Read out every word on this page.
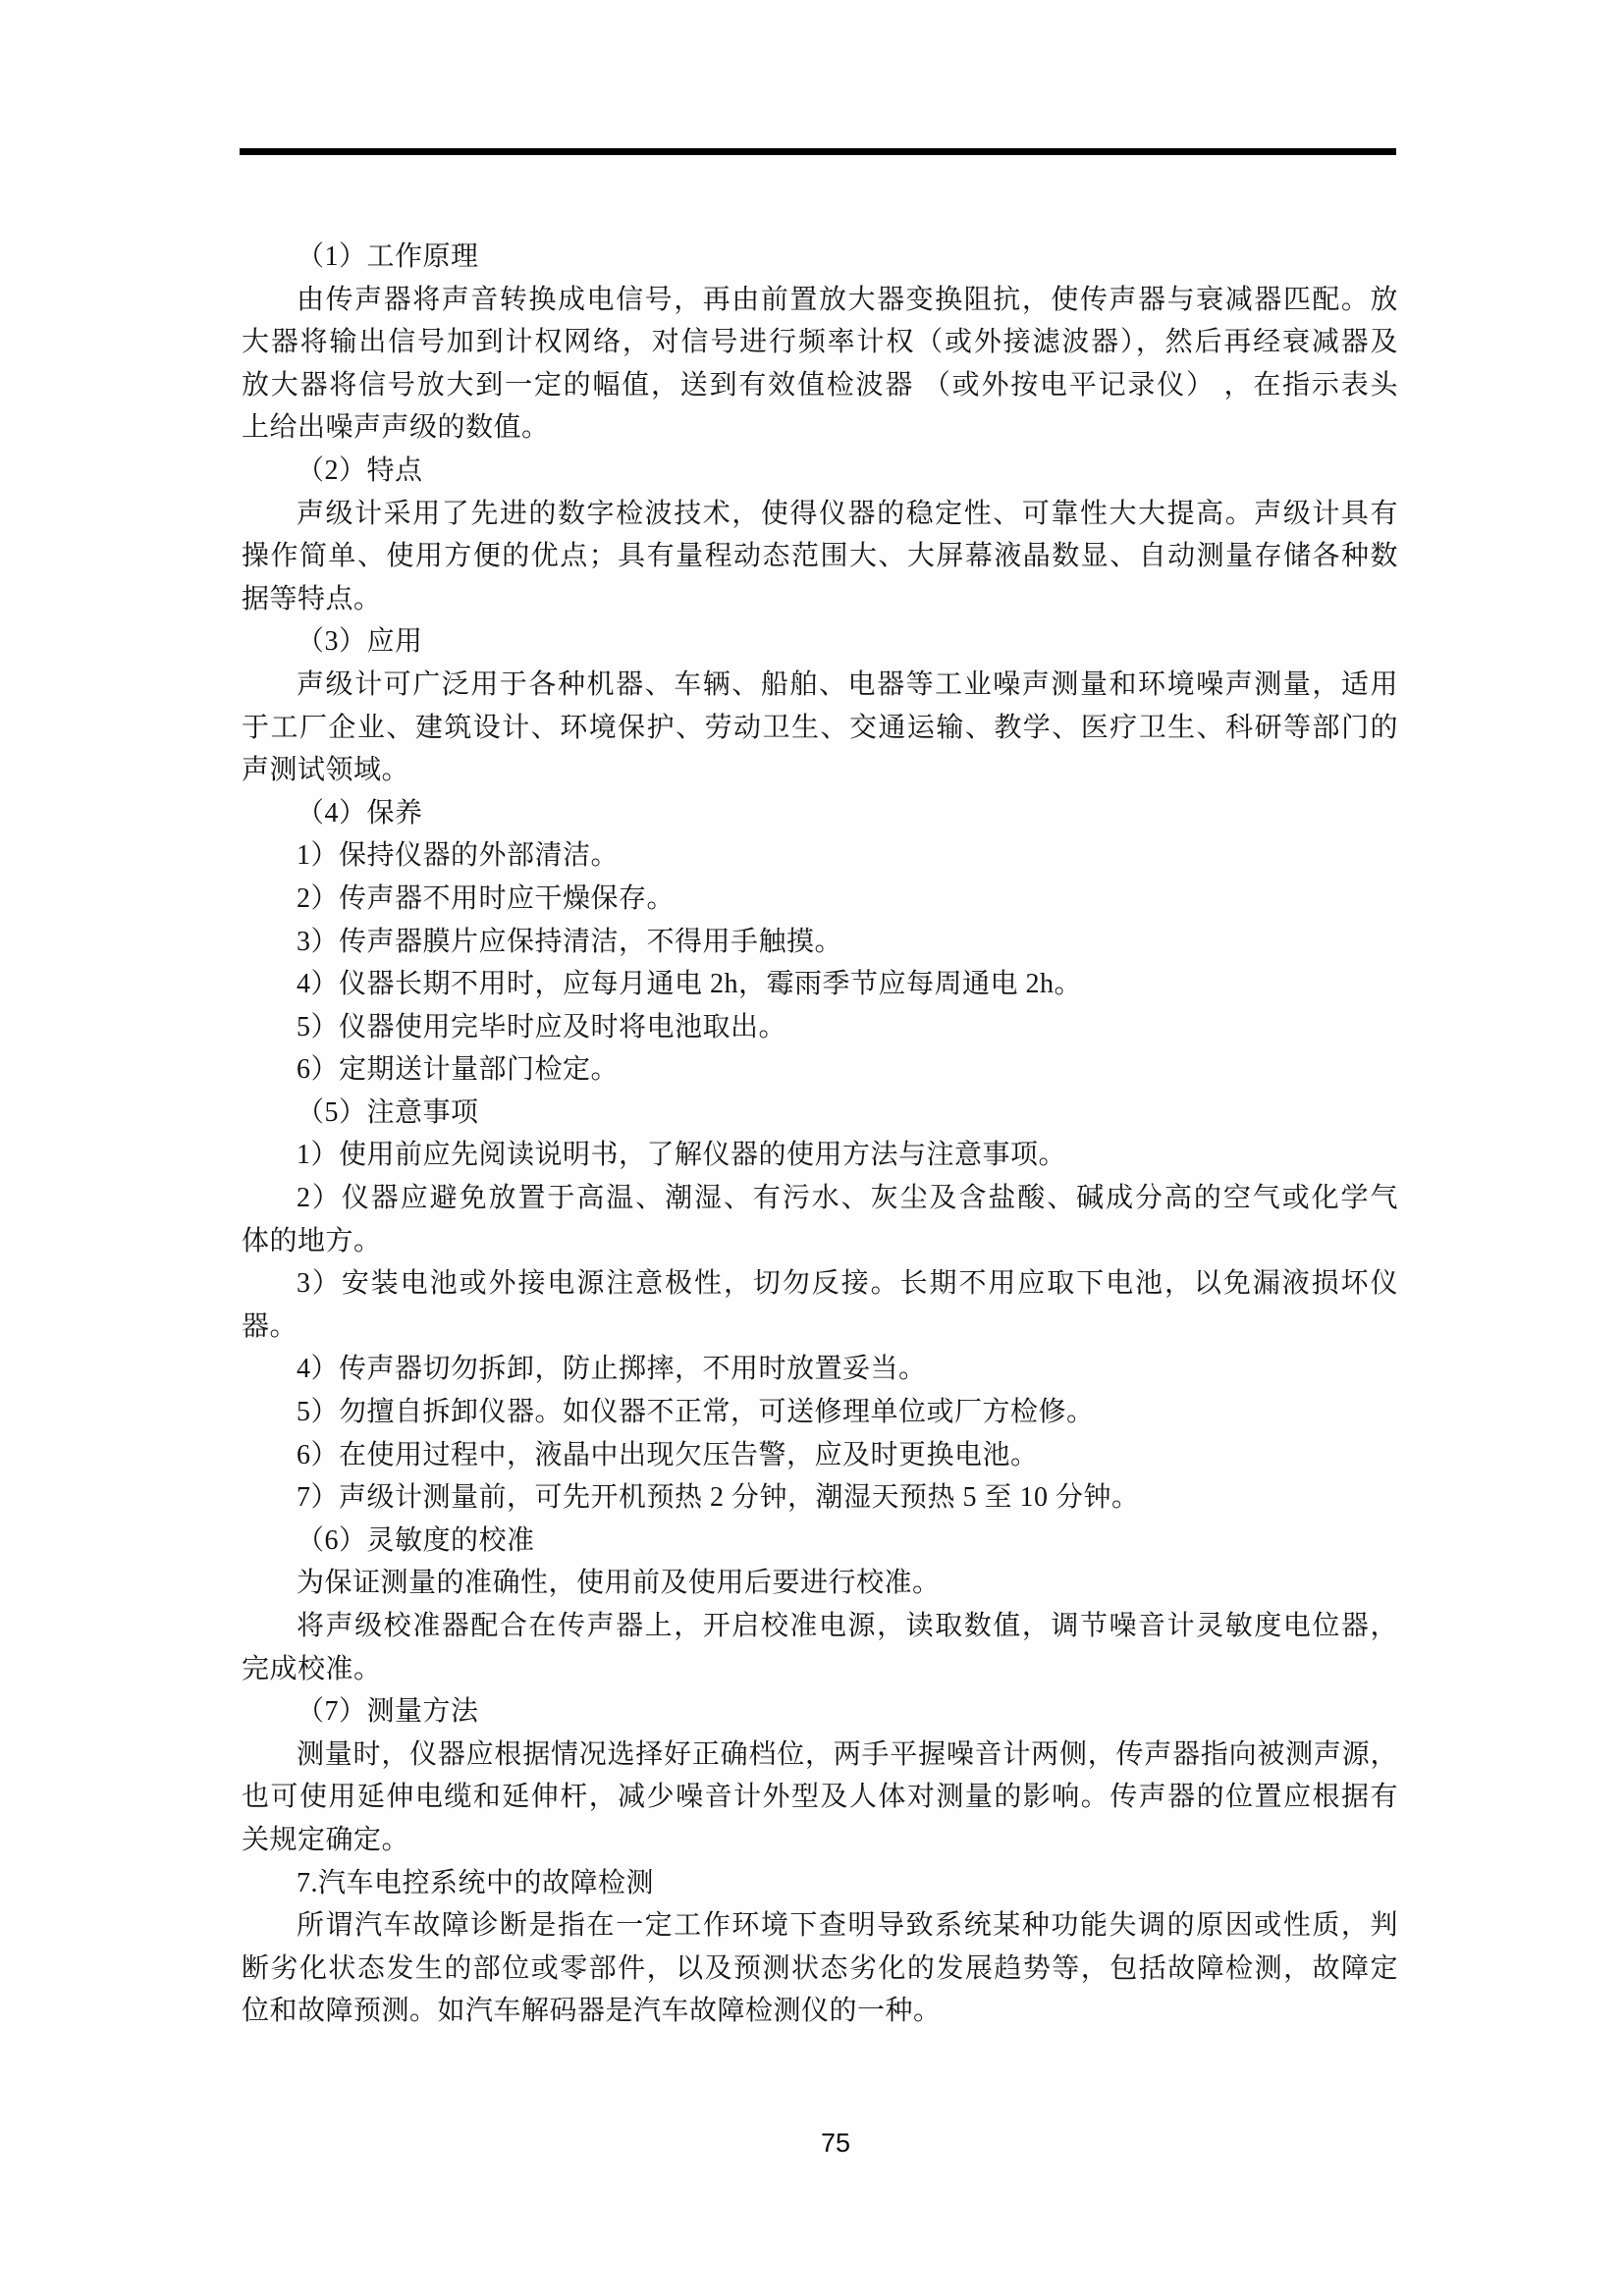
（1）工作原理
由传声器将声音转换成电信号，再由前置放大器变换阻抗，使传声器与衰减器匹配。放
大器将输出信号加到计权网络，对信号进行频率计权（或外接滤波器），然后再经衰减器及
放大器将信号放大到一定的幅值，送到有效值检波器 （或外按电平记录仪） ，在指示表头
上给出噪声声级的数值。
（2）特点
声级计采用了先进的数字检波技术，使得仪器的稳定性、可靠性大大提高。声级计具有
操作简单、使用方便的优点；具有量程动态范围大、大屏幕液晶数显、自动测量存储各种数
据等特点。
（3）应用
声级计可广泛用于各种机器、车辆、船舶、电器等工业噪声测量和环境噪声测量，适用
于工厂企业、建筑设计、环境保护、劳动卫生、交通运输、教学、医疗卫生、科研等部门的
声测试领域。
（4）保养
1）保持仪器的外部清洁。
2）传声器不用时应干燥保存。
3）传声器膜片应保持清洁，不得用手触摸。
4）仪器长期不用时，应每月通电 2h，霉雨季节应每周通电 2h。
5）仪器使用完毕时应及时将电池取出。
6）定期送计量部门检定。
（5）注意事项
1）使用前应先阅读说明书，了解仪器的使用方法与注意事项。
2）仪器应避免放置于高温、潮湿、有污水、灰尘及含盐酸、碱成分高的空气或化学气
体的地方。
3）安装电池或外接电源注意极性，切勿反接。长期不用应取下电池，以免漏液损坏仪
器。
4）传声器切勿拆卸，防止掷摔，不用时放置妥当。
5）勿擅自拆卸仪器。如仪器不正常，可送修理单位或厂方检修。
6）在使用过程中，液晶中出现欠压告警，应及时更换电池。
7）声级计测量前，可先开机预热 2 分钟，潮湿天预热 5 至 10 分钟。
（6）灵敏度的校准
为保证测量的准确性，使用前及使用后要进行校准。
将声级校准器配合在传声器上，开启校准电源，读取数值，调节噪音计灵敏度电位器，
完成校准。
（7）测量方法
测量时，仪器应根据情况选择好正确档位，两手平握噪音计两侧，传声器指向被测声源，
也可使用延伸电缆和延伸杆，减少噪音计外型及人体对测量的影响。传声器的位置应根据有
关规定确定。
7.汽车电控系统中的故障检测
所谓汽车故障诊断是指在一定工作环境下查明导致系统某种功能失调的原因或性质，判
断劣化状态发生的部位或零部件，以及预测状态劣化的发展趋势等，包括故障检测，故障定
位和故障预测。如汽车解码器是汽车故障检测仪的一种。
75
